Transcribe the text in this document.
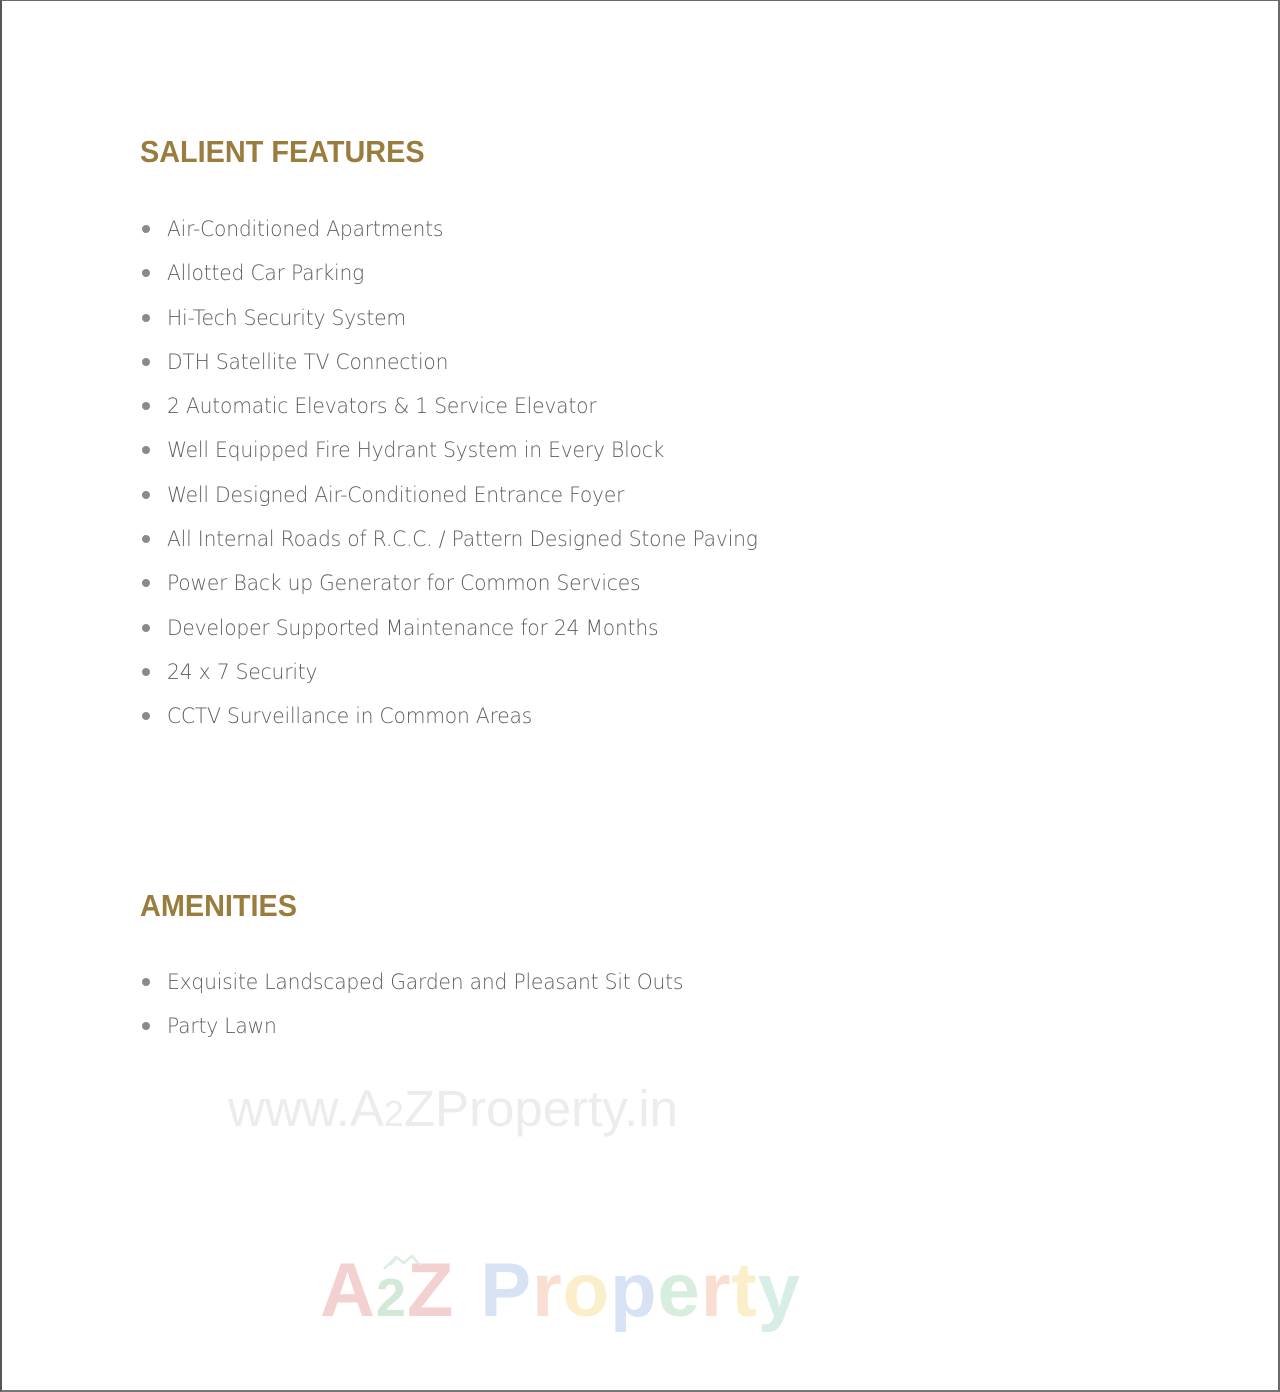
SALIENT FEATURES
Air-Conditioned Apartments
Allotted Car Parking
Hi-Tech Security System
DTH Satellite TV Connection
2 Automatic Elevators & 1 Service Elevator
Well Equipped Fire Hydrant System in Every Block
Well Designed Air-Conditioned Entrance Foyer
All Internal Roads of R.C.C. / Pattern Designed Stone Paving
Power Back up Generator for Common Services
Developer Supported Maintenance for 24 Months
24 x 7 Security
CCTV Surveillance in Common Areas
AMENITIES
Exquisite Landscaped Garden and Pleasant Sit Outs
Party Lawn
www.A2ZProperty.in
A2Z Property
